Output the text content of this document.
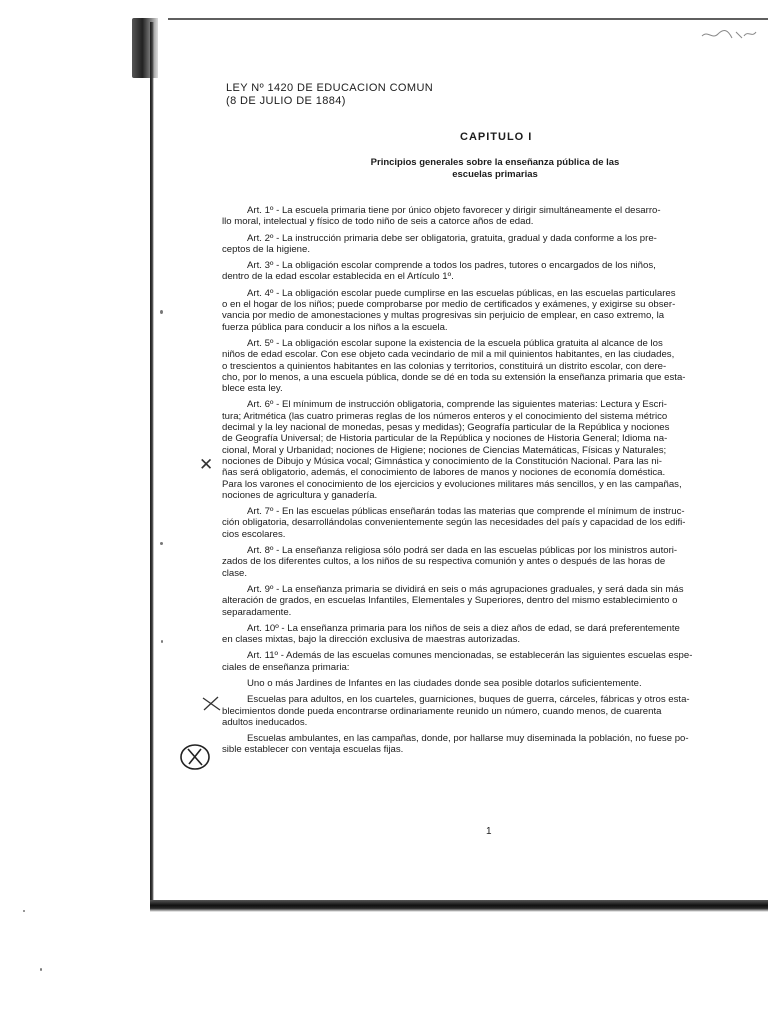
LEY Nº 1420 DE EDUCACION COMUN
(8 DE JULIO DE 1884)
CAPITULO I
Principios generales sobre la enseñanza pública de las
escuelas primarias
Art. 1º - La escuela primaria tiene por único objeto favorecer y dirigir simultáneamente el desarro-
llo moral, intelectual y físico de todo niño de seis a catorce años de edad.
Art. 2º - La instrucción primaria debe ser obligatoria, gratuita, gradual y dada conforme a los pre-
ceptos de la higiene.
Art. 3º - La obligación escolar comprende a todos los padres, tutores o encargados de los niños,
dentro de la edad escolar establecida en el Artículo 1º.
Art. 4º - La obligación escolar puede cumplirse en las escuelas públicas, en las escuelas particulares
o en el hogar de los niños; puede comprobarse por medio de certificados y exámenes, y exigirse su obser-
vancia por medio de amonestaciones y multas progresivas sin perjuicio de emplear, en caso extremo, la
fuerza pública para conducir a los niños a la escuela.
Art. 5º - La obligación escolar supone la existencia de la escuela pública gratuita al alcance de los
niños de edad escolar. Con ese objeto cada vecindario de mil a mil quinientos habitantes, en las ciudades,
o trescientos a quinientos habitantes en las colonias y territorios, constituirá un distrito escolar, con dere-
cho, por lo menos, a una escuela pública, donde se dé en toda su extensión la enseñanza primaria que esta-
blece esta ley.
Art. 6º - El mínimum de instrucción obligatoria, comprende las siguientes materias: Lectura y Escri-
tura; Aritmética (las cuatro primeras reglas de los números enteros y el conocimiento del sistema métrico
decimal y la ley nacional de monedas, pesas y medidas); Geografía particular de la República y nociones
de Geografía Universal; de Historia particular de la República y nociones de Historia General; Idioma na-
cional, Moral y Urbanidad; nociones de Higiene; nociones de Ciencias Matemáticas, Físicas y Naturales;
nociones de Dibujo y Música vocal; Gimnástica y conocimiento de la Constitución Nacional. Para las ni-
ñas será obligatorio, además, el conocimiento de labores de manos y nociones de economía doméstica.
Para los varones el conocimiento de los ejercicios y evoluciones militares más sencillos, y en las campañas,
nociones de agricultura y ganadería.
Art. 7º - En las escuelas públicas enseñarán todas las materias que comprende el mínimum de instruc-
ción obligatoria, desarrollándolas convenientemente según las necesidades del país y capacidad de los edifi-
cios escolares.
Art. 8º - La enseñanza religiosa sólo podrá ser dada en las escuelas públicas por los ministros autori-
zados de los diferentes cultos, a los niños de su respectiva comunión y antes o después de las horas de
clase.
Art. 9º - La enseñanza primaria se dividirá en seis o más agrupaciones graduales, y será dada sin más
alteración de grados, en escuelas Infantiles, Elementales y Superiores, dentro del mismo establecimiento o
separadamente.
Art. 10º - La enseñanza primaria para los niños de seis a diez años de edad, se dará preferentemente
en clases mixtas, bajo la dirección exclusiva de maestras autorizadas.
Art. 11º - Además de las escuelas comunes mencionadas, se establecerán las siguientes escuelas espe-
ciales de enseñanza primaria:
Uno o más Jardines de Infantes en las ciudades donde sea posible dotarlos suficientemente.
Escuelas para adultos, en los cuarteles, guarniciones, buques de guerra, cárceles, fábricas y otros esta-
blecimientos donde pueda encontrarse ordinariamente reunido un número, cuando menos, de cuarenta
adultos ineducados.
Escuelas ambulantes, en las campañas, donde, por hallarse muy diseminada la población, no fuese po-
sible establecer con ventaja escuelas fijas.
✕
1
